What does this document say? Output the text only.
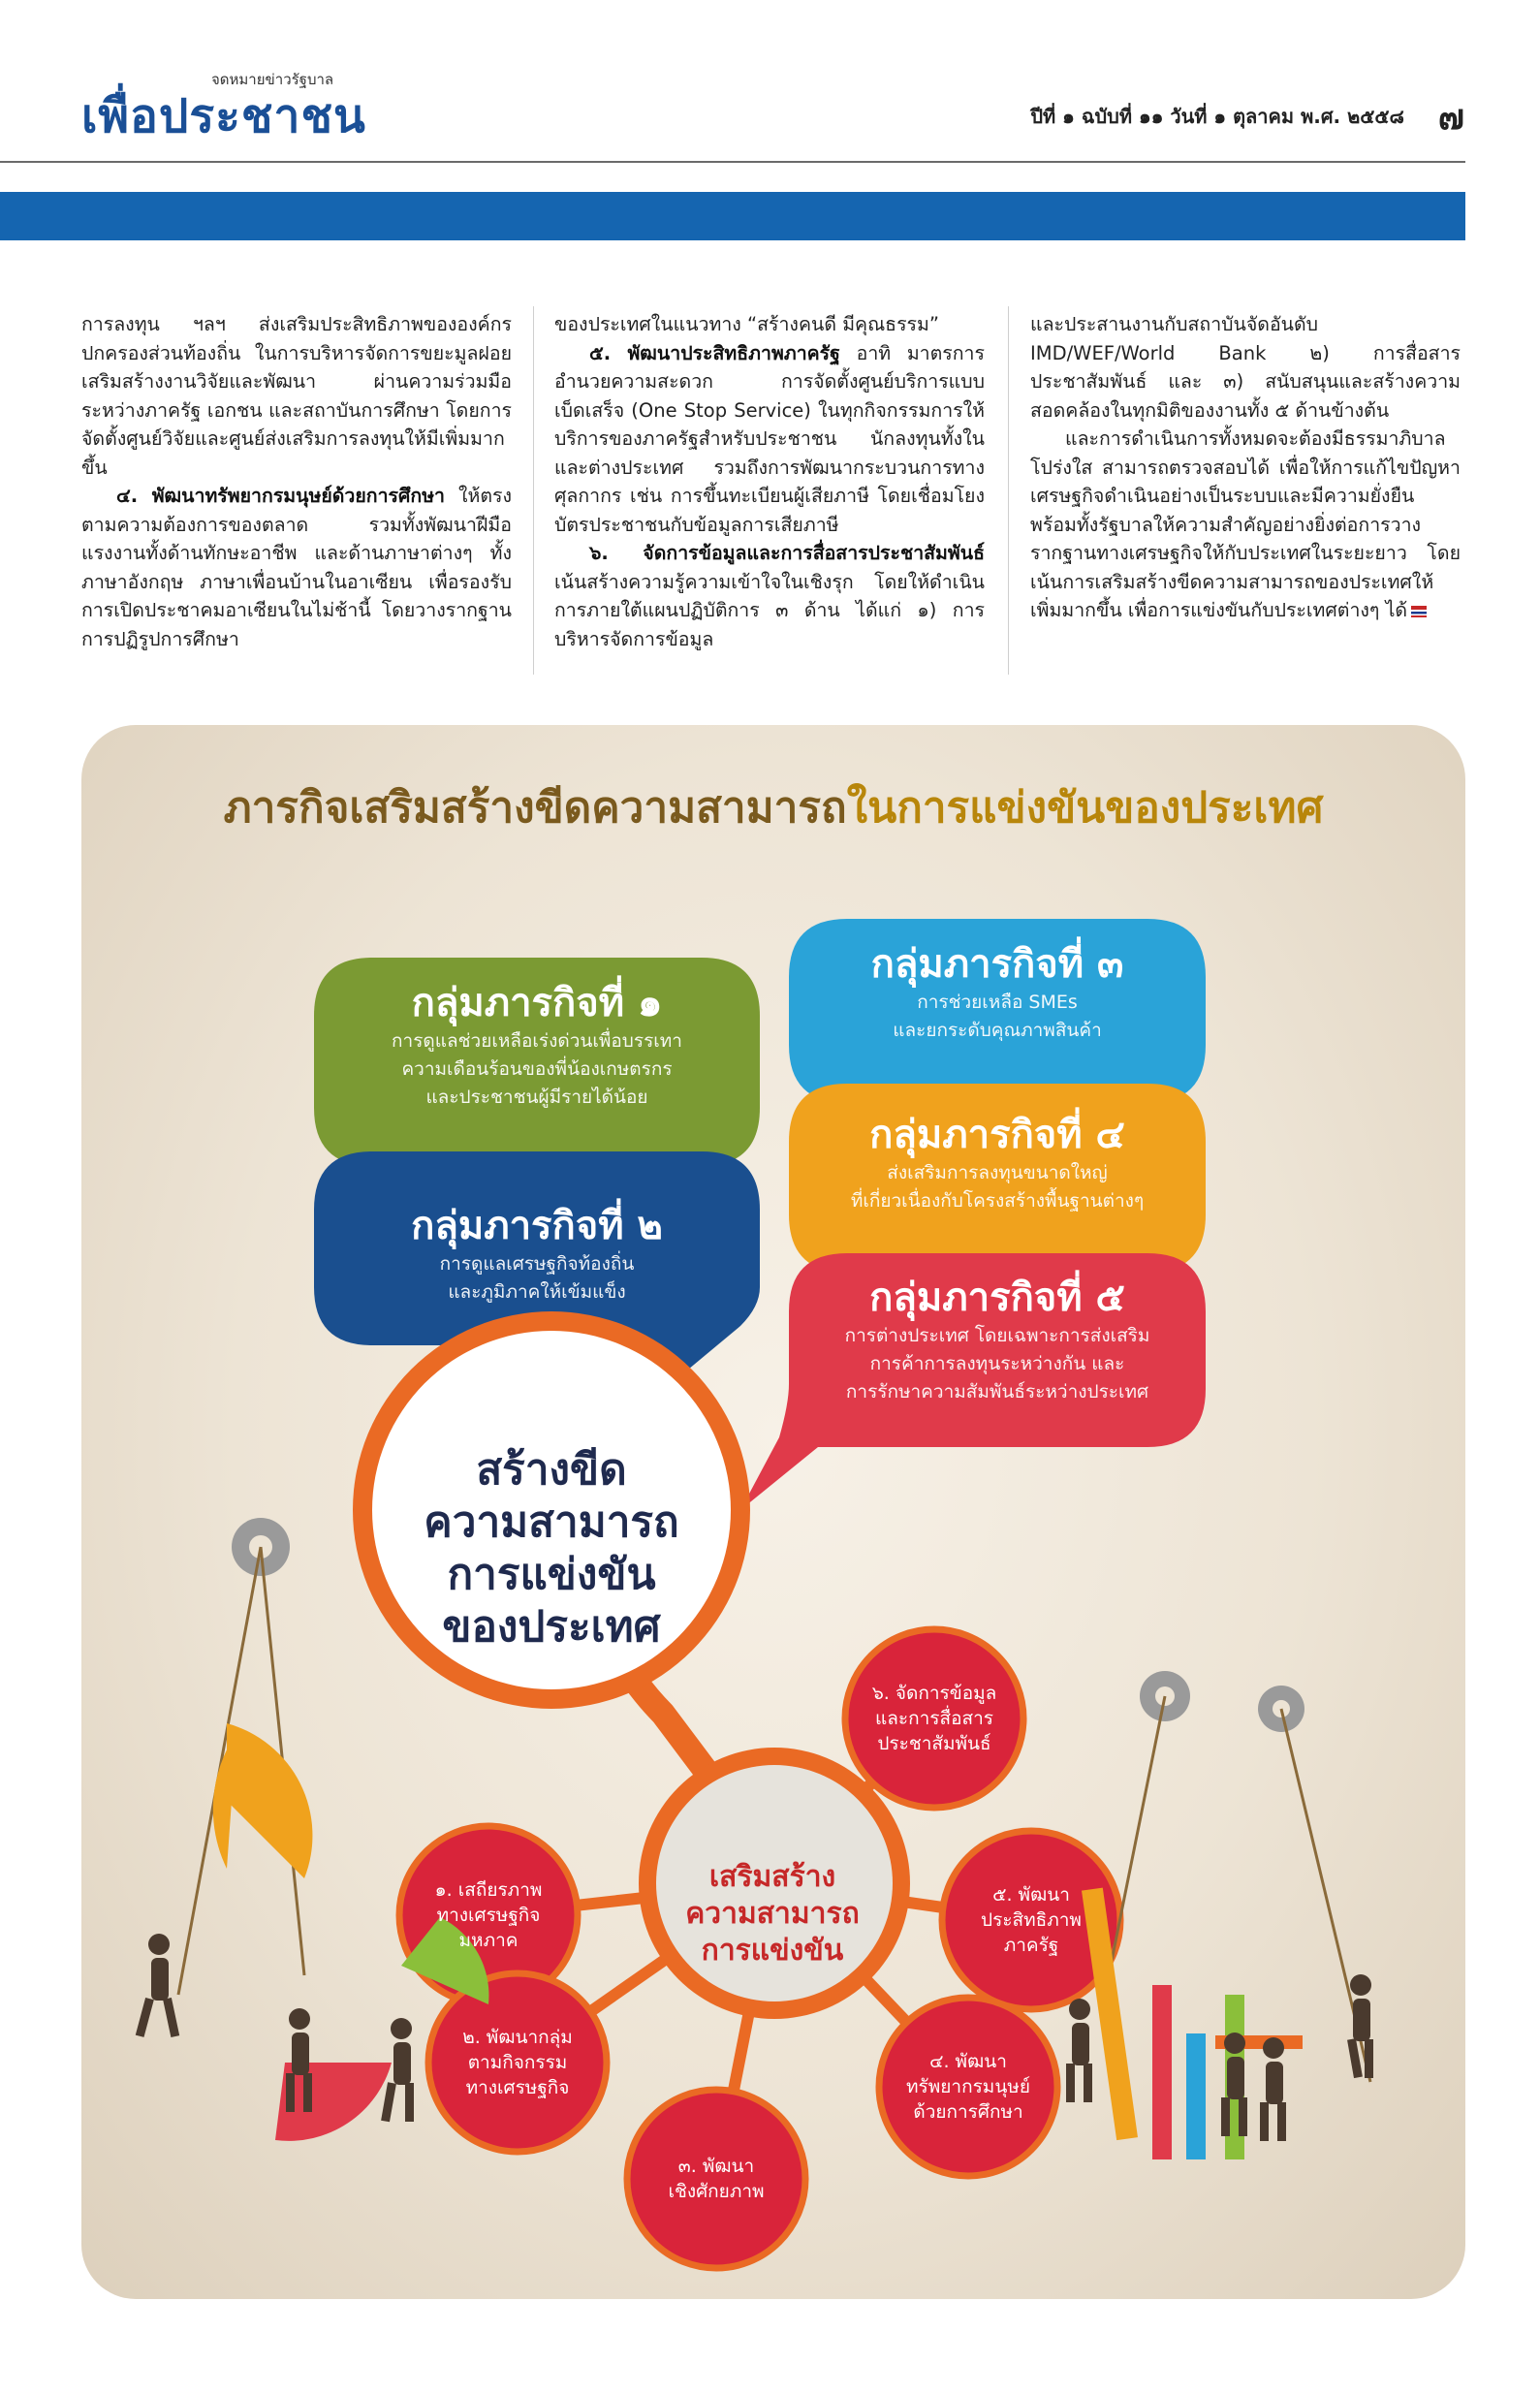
จดหมายข่าวรัฐบาล
เพื่อประชาชน	ปีที่ ๑ ฉบับที่ ๑๑ วันที่ ๑ ตุลาคม พ.ศ. ๒๕๕๘ ๗

การลงทุน ฯลฯ ส่งเสริมประสิทธิภาพขององค์กรปกครองส่วนท้องถิ่น ในการบริหารจัดการขยะมูลฝอย เสริมสร้างงานวิจัยและพัฒนา ผ่านความร่วมมือระหว่างภาครัฐ เอกชน และสถาบันการศึกษา โดยการจัดตั้งศูนย์วิจัยและศูนย์ส่งเสริมการลงทุนให้มีเพิ่มมากขึ้น

๔. พัฒนาทรัพยากรมนุษย์ด้วยการศึกษา ให้ตรงตามความต้องการของตลาด รวมทั้งพัฒนาฝีมือแรงงานทั้งด้านทักษะอาชีพ และด้านภาษาต่างๆ ทั้งภาษาอังกฤษ ภาษาเพื่อนบ้านในอาเซียน เพื่อรองรับการเปิดประชาคมอาเซียนในไม่ช้านี้ โดยวางรากฐานการปฏิรูปการศึกษา

ของประเทศในแนวทาง “สร้างคนดี มีคุณธรรม”

๕. พัฒนาประสิทธิภาพภาครัฐ อาทิ มาตรการอำนวยความสะดวก การจัดตั้งศูนย์บริการแบบเบ็ดเสร็จ (One Stop Service) ในทุกกิจกรรมการให้บริการของภาครัฐสำหรับประชาชน นักลงทุนทั้งในและต่างประเทศ รวมถึงการพัฒนากระบวนการทางศุลกากร เช่น การขึ้นทะเบียนผู้เสียภาษี โดยเชื่อมโยงบัตรประชาชนกับข้อมูลการเสียภาษี

๖. จัดการข้อมูลและการสื่อสารประชาสัมพันธ์ เน้นสร้างความรู้ความเข้าใจในเชิงรุก โดยให้ดำเนินการภายใต้แผนปฏิบัติการ ๓ ด้าน ได้แก่ ๑) การบริหารจัดการข้อมูล

และประสานงานกับสถาบันจัดอันดับ IMD/WEF/World Bank ๒) การสื่อสารประชาสัมพันธ์ และ ๓) สนับสนุนและสร้างความสอดคล้องในทุกมิติของงานทั้ง ๕ ด้านข้างต้น

และการดำเนินการทั้งหมดจะต้องมีธรรมาภิบาล โปร่งใส สามารถตรวจสอบได้ เพื่อให้การแก้ไขปัญหาเศรษฐกิจดำเนินอย่างเป็นระบบและมีความยั่งยืน พร้อมทั้งรัฐบาลให้ความสำคัญอย่างยิ่งต่อการวางรากฐานทางเศรษฐกิจให้กับประเทศในระยะยาว โดยเน้นการเสริมสร้างขีดความสามารถของประเทศให้เพิ่มมากขึ้น เพื่อการแข่งขันกับประเทศต่างๆ ได้

ภารกิจเสริมสร้างขีดความสามารถในการแข่งขันของประเทศ
กลุ่มภารกิจที่ ๑
การดูแลช่วยเหลือเร่งด่วนเพื่อบรรเทา
ความเดือนร้อนของพี่น้องเกษตรกร
และประชาชนผู้มีรายได้น้อย
กลุ่มภารกิจที่ ๒
การดูแลเศรษฐกิจท้องถิ่น
และภูมิภาคให้เข้มแข็ง
กลุ่มภารกิจที่ ๓
การช่วยเหลือ SMEs
และยกระดับคุณภาพสินค้า
กลุ่มภารกิจที่ ๔
ส่งเสริมการลงทุนขนาดใหญ่
ที่เกี่ยวเนื่องกับโครงสร้างพื้นฐานต่างๆ
กลุ่มภารกิจที่ ๕
การต่างประเทศ โดยเฉพาะการส่งเสริม
การค้าการลงทุนระหว่างกัน และ
การรักษาความสัมพันธ์ระหว่างประเทศ
สร้างขีด
ความสามารถ
การแข่งขัน
ของประเทศ
เสริมสร้าง
ความสามารถ
การแข่งขัน
๑. เสถียรภาพ
ทางเศรษฐกิจ
มหภาค
๒. พัฒนากลุ่ม
ตามกิจกรรม
ทางเศรษฐกิจ
๓. พัฒนา
เชิงศักยภาพ
๔. พัฒนา
ทรัพยากรมนุษย์
ด้วยการศึกษา
๕. พัฒนา
ประสิทธิภาพ
ภาครัฐ
๖. จัดการข้อมูล
และการสื่อสาร
ประชาสัมพันธ์
